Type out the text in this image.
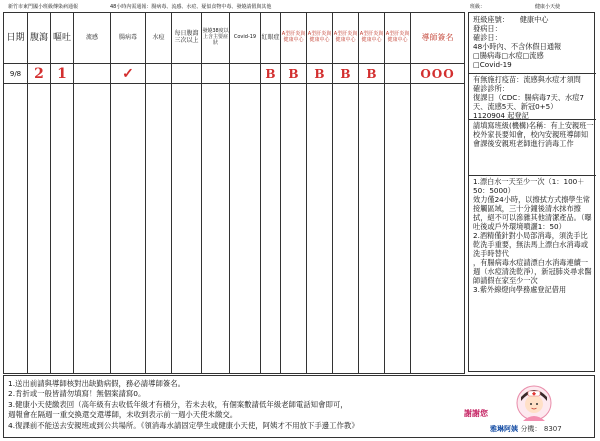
新竹市東門國小班級傳染病通報	48小時內需通報：腸病毒、流感、水痘、疑似食物中毒、發燒請假與其他	班級：	健康小天使
日期	腹瀉	嘔吐	流感	腸病毒	水痘	每日腹瀉三次以上	發燒38度以上含主要症狀	Covid-19	紅眼症	A型肝炎與健康中心	A型肝炎與健康中心	A型肝炎與健康中心	A型肝炎與健康中心	A型肝炎與健康中心	導師簽名
9/8	2	1		✓					B	B	B	B	B		OOO

班級座號：　　健康中心
發病日：
確診日：
48小時內、不含休假日通報
□腸病毒□水痘□流感
□Covid-19
有無施打疫苗：流感與水痘才須問
確診診所：
復課日（CDC：腸病毒7天、水痘7天、流感5天、新冠0+5）
1120904 起登記
請填寫班級(機構)名稱：有上安親班一校外家長要知會，校內安親班導師知會課後安親班老師進行消毒工作
1.漂白水一天至少一次（1：100＋50：5000）
效力僅24小時，以擦拭方式擦學生常接觸區域，三十分鐘後清水抹布擦拭，絕不可以滲雜其他清潔產品。（曝吐後或戶外環境噴灑1：50）
2.酒精僅針對小局部消毒，須洗手比乾洗手重要，無法馬上漂白水消毒或洗手時替代
，有腸病毒水痘請漂白水消毒連續一週（水痘清洗乾淨），新冠肺炎尋求醫師請假在家至少一次
3.紫外線燈向學務處登記借用
1.送出前請與導師核對出缺勤病假，務必請導師簽名。
2.肯折或一般皆請勿填寫！無個案請寫0。
3.健康小天使繳表回（高年級有去收低年級才有積分，若未去收，有個案數請低年級老師電話知會即可，
週報會在隔週一重交換還交還導師，未收到表示前一週小天使未繳交。
4.復課前不能送去安親班或到公共場所。《領消毒水請固定學生或健康小天使，阿姨才不用放下手邊工作教》
謝謝您
雅琳阿姨 分機： 8307
